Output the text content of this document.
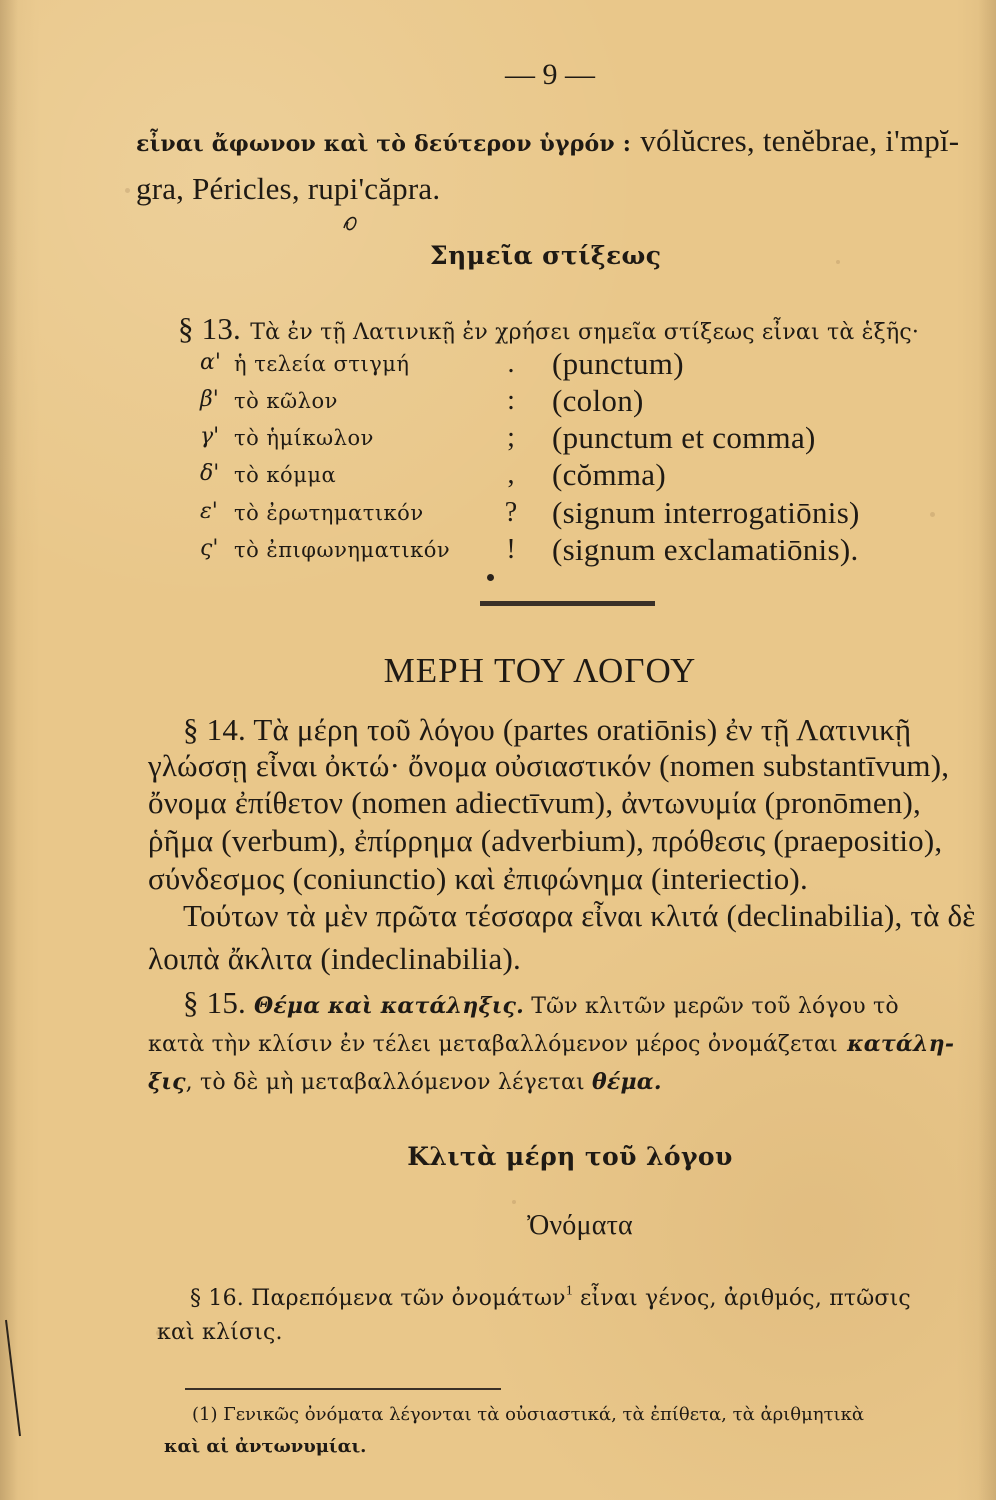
— 9 —
εἶναι ἄφωνον καὶ τὸ δεύτερον ὑγρόν : vólŭcres, tenĕbrae, i'mpĭ-
gra, Péricles, rupi'căpra.
Σημεῖα στίξεως
§ 13. Τὰ ἐν τῇ Λατινικῇ ἐν χρήσει σημεῖα στίξεως εἶναι τὰ ἑξῆς·
α' ἡ τελεία στιγμή	. (punctum)
β' τὸ κῶλον	: (colon)
γ' τὸ ἡμίκωλον	; (punctum et comma)
δ' τὸ κόμμα	, (cŏmma)
ε' τὸ ἐρωτηματικόν	? (signum interrogatiōnis)
ς' τὸ ἐπιφωνηματικόν ! (signum exclamatiōnis).
ΜΕΡΗ ΤΟΥ ΛΟΓΟΥ
§ 14. Τὰ μέρη τοῦ λόγου (partes oratiōnis) ἐν τῇ Λατινικῇ
γλώσσῃ εἶναι ὀκτώ· ὄνομα οὐσιαστικόν (nomen substantīvum),
ὄνομα ἐπίθετον (nomen adiectīvum), ἀντωνυμία (pronōmen),
ῥῆμα (verbum), ἐπίρρημα (adverbium), πρόθεσις (praepositio),
σύνδεσμος (coniunctio) καὶ ἐπιφώνημα (interiectio).
Τούτων τὰ μὲν πρῶτα τέσσαρα εἶναι κλιτά (declinabilia), τὰ δὲ
λοιπὰ ἄκλιτα (indeclinabilia).
§ 15. Θέμα καὶ κατάληξις. Τῶν κλιτῶν μερῶν τοῦ λόγου τὸ
κατὰ τὴν κλίσιν ἐν τέλει μεταβαλλόμενον μέρος ὀνομάζεται κατάλη-
ξις, τὸ δὲ μὴ μεταβαλλόμενον λέγεται θέμα.
Κλιτὰ μέρη τοῦ λόγου
Ὀνόματα
§ 16. Παρεπόμενα τῶν ὀνομάτων$^1$ εἶναι γένος, ἀριθμός, πτῶσις
καὶ κλίσις.
(1) Γενικῶς ὀνόματα λέγονται τὰ οὐσιαστικά, τὰ ἐπίθετα, τὰ ἀριθμητικὰ
καὶ αἱ ἀντωνυμίαι.
